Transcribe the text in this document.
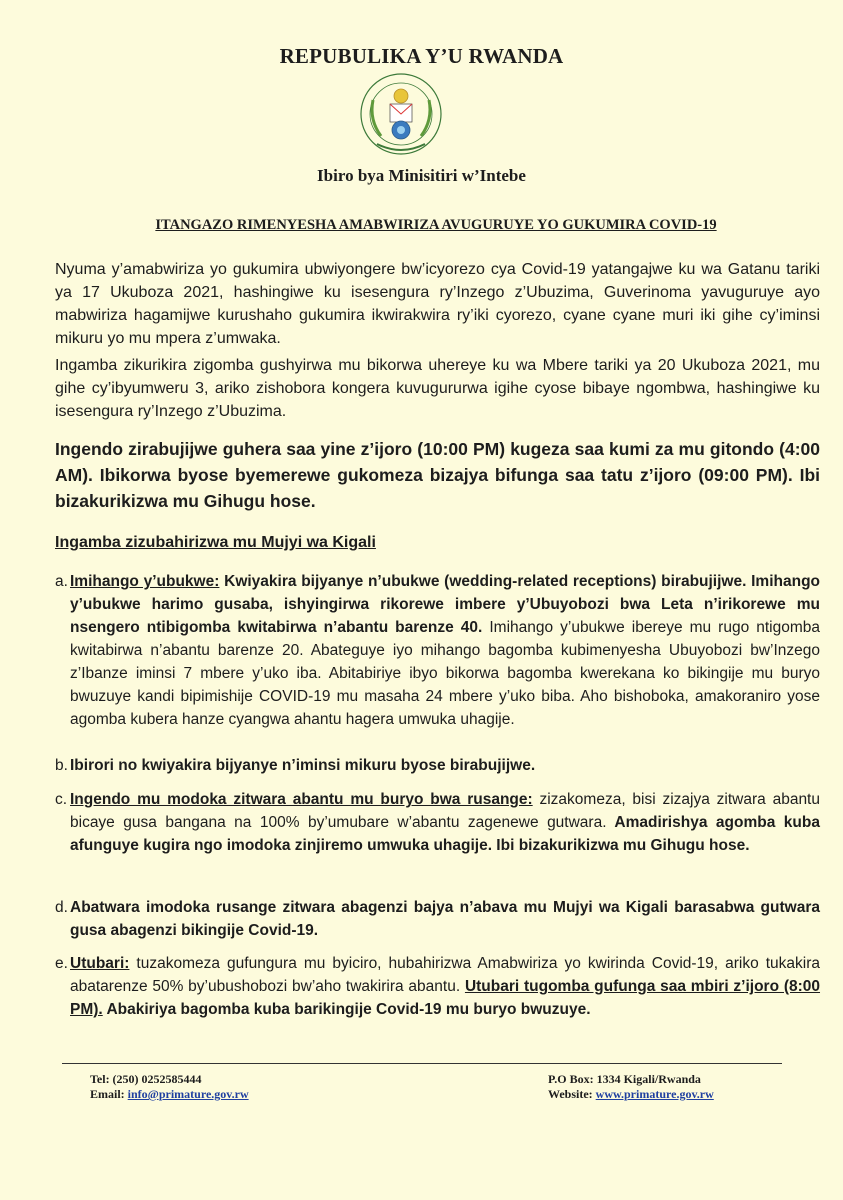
REPUBULIKA Y’U RWANDA
Ibiro bya Minisitiri w’Intebe
ITANGAZO RIMENYESHA AMABWIRIZA AVUGURUYE YO GUKUMIRA COVID-19

Nyuma y’amabwiriza yo gukumira ubwiyongere bw’icyorezo cya Covid-19 yatangajwe ku wa Gatanu tariki ya 17 Ukuboza 2021, hashingiwe ku isesengura ry’Inzego z’Ubuzima, Guverinoma yavuguruye ayo mabwiriza hagamijwe kurushaho gukumira ikwirakwira ry’iki cyorezo, cyane cyane muri iki gihe cy’iminsi mikuru yo mu mpera z’umwaka.

Ingamba zikurikira zigomba gushyirwa mu bikorwa uhereye ku wa Mbere tariki ya 20 Ukuboza 2021, mu gihe cy’ibyumweru 3, ariko zishobora kongera kuvugururwa igihe cyose bibaye ngombwa, hashingiwe ku isesengura ry’Inzego z’Ubuzima.

Ingendo zirabujijwe guhera saa yine z’ijoro (10:00 PM) kugeza saa kumi za mu gitondo (4:00 AM). Ibikorwa byose byemerewe gukomeza bizajya bifunga saa tatu z’ijoro (09:00 PM). Ibi bizakurikizwa mu Gihugu hose.

Ingamba zizubahirizwa mu Mujyi wa Kigali
a. Imihango y’ubukwe: Kwiyakira bijyanye n’ubukwe (wedding-related receptions) birabujijwe. Imihango y’ubukwe harimo gusaba, ishyingirwa rikorewe imbere y’Ubuyobozi bwa Leta n’irikorewe mu nsengero ntibigomba kwitabirwa n’abantu barenze 40. Imihango y’ubukwe ibereye mu rugo ntigomba kwitabirwa n’abantu barenze 20. Abateguye iyo mihango bagomba kubimenyesha Ubuyobozi bw’Inzego z’Ibanze iminsi 7 mbere y’uko iba. Abitabiriye ibyo bikorwa bagomba kwerekana ko bikingije mu buryo bwuzuye kandi bipimishije COVID-19 mu masaha 24 mbere y’uko biba. Aho bishoboka, amakoraniro yose agomba kubera hanze cyangwa ahantu hagera umwuka uhagije.
b. Ibirori no kwiyakira bijyanye n’iminsi mikuru byose birabujijwe.
c. Ingendo mu modoka zitwara abantu mu buryo bwa rusange: zizakomeza, bisi zizajya zitwara abantu bicaye gusa bangana na 100% by’umubare w’abantu zagenewe gutwara. Amadirishya agomba kuba afunguye kugira ngo imodoka zinjiremo umwuka uhagije. Ibi bizakurikizwa mu Gihugu hose.
d. Abatwara imodoka rusange zitwara abagenzi bajya n’abava mu Mujyi wa Kigali barasabwa gutwara gusa abagenzi bikingije Covid-19.
e. Utubari: tuzakomeza gufungura mu byiciro, hubahirizwa Amabwiriza yo kwirinda Covid-19, ariko tukakira abatarenze 50% by’ubushobozi bw’aho twakirira abantu. Utubari tugomba gufunga saa mbiri z’ijoro (8:00 PM). Abakiriya bagomba kuba barikingije Covid-19 mu buryo bwuzuye.
Tel: (250) 0252585444
Email: info@primature.gov.rw
P.O Box: 1334 Kigali/Rwanda
Website: www.primature.gov.rw
